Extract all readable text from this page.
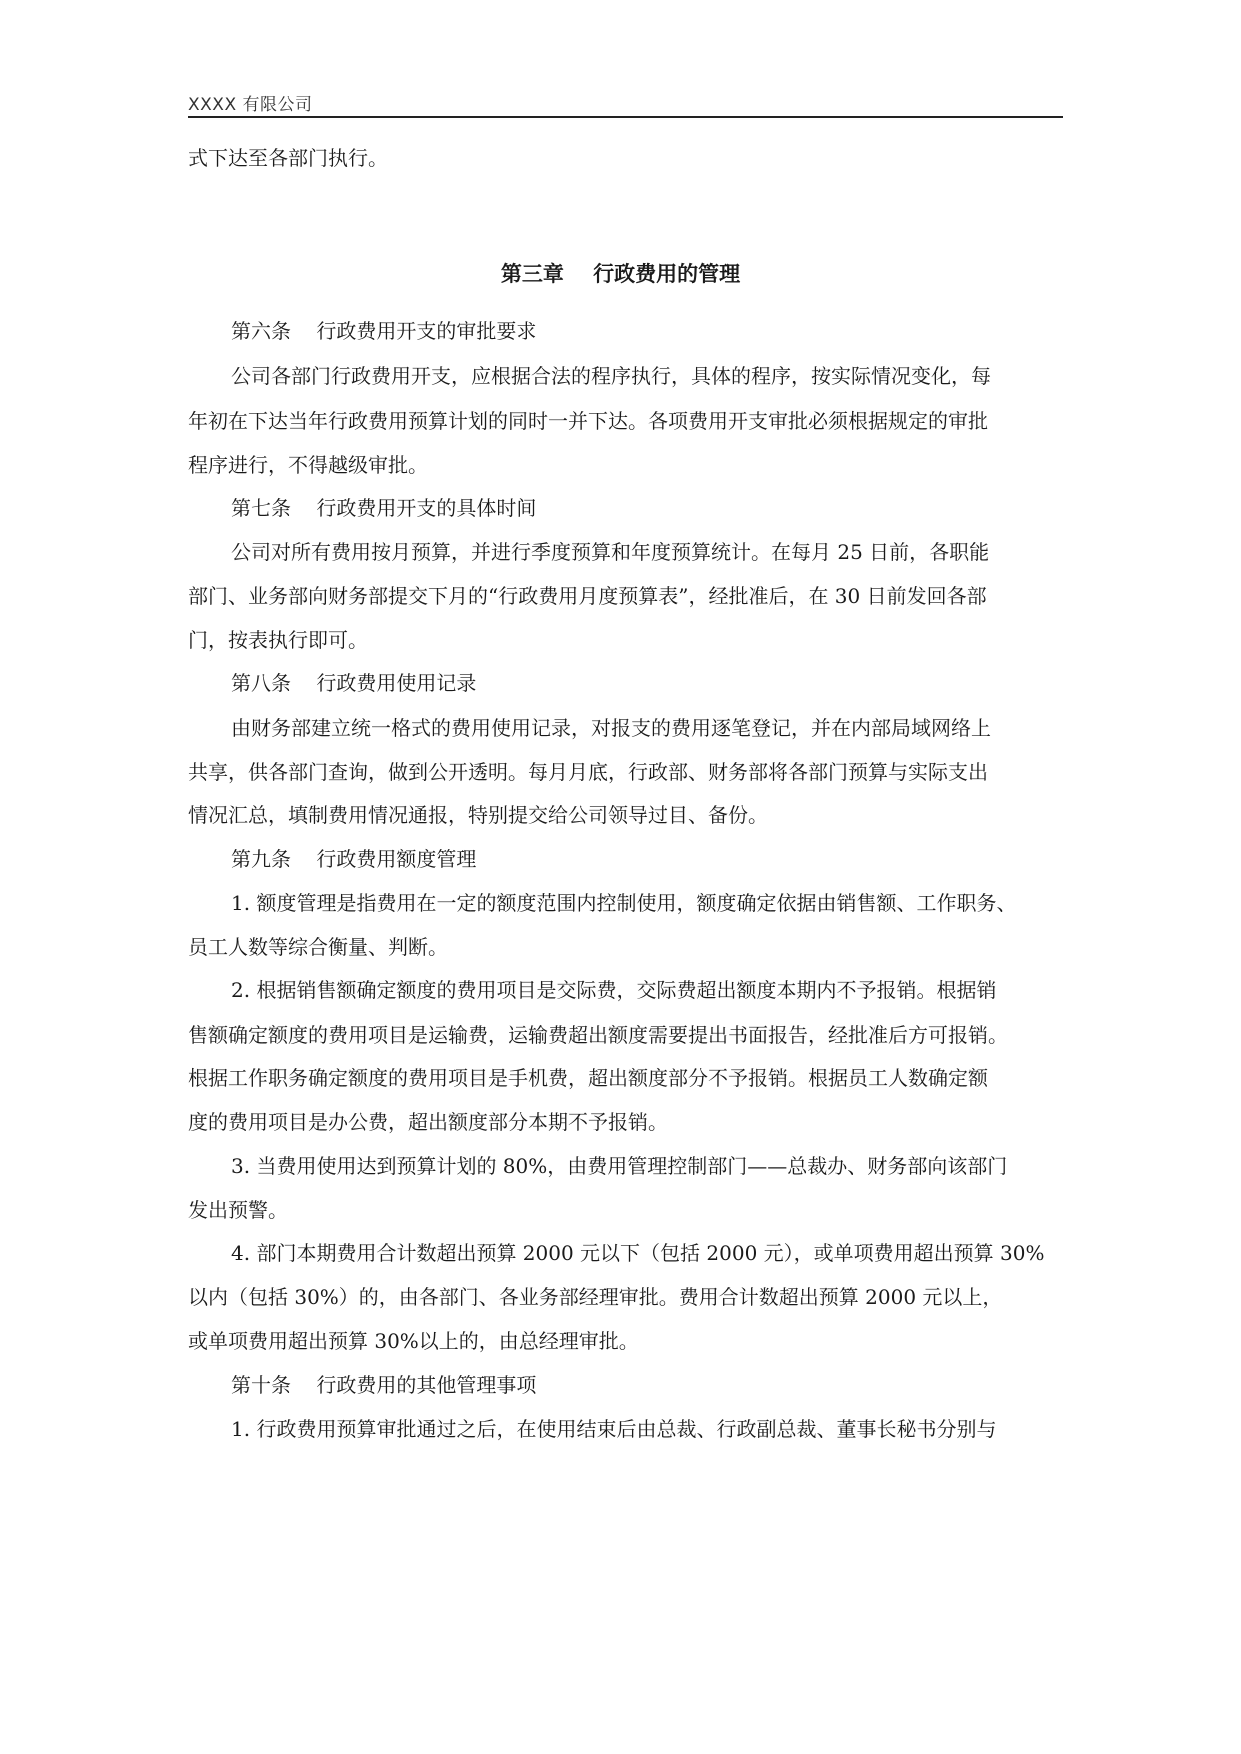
XXXX 有限公司
式下达至各部门执行。
第三章    行政费用的管理
第六条    行政费用开支的审批要求
公司各部门行政费用开支，应根据合法的程序执行，具体的程序，按实际情况变化，每
年初在下达当年行政费用预算计划的同时一并下达。各项费用开支审批必须根据规定的审批
程序进行，不得越级审批。
第七条    行政费用开支的具体时间
公司对所有费用按月预算，并进行季度预算和年度预算统计。在每月 25 日前，各职能
部门、业务部向财务部提交下月的“行政费用月度预算表”，经批准后，在 30 日前发回各部
门，按表执行即可。
第八条    行政费用使用记录
由财务部建立统一格式的费用使用记录，对报支的费用逐笔登记，并在内部局域网络上
共享，供各部门查询，做到公开透明。每月月底，行政部、财务部将各部门预算与实际支出
情况汇总，填制费用情况通报，特别提交给公司领导过目、备份。
第九条    行政费用额度管理
1. 额度管理是指费用在一定的额度范围内控制使用，额度确定依据由销售额、工作职务、
员工人数等综合衡量、判断。
2. 根据销售额确定额度的费用项目是交际费，交际费超出额度本期内不予报销。根据销
售额确定额度的费用项目是运输费，运输费超出额度需要提出书面报告，经批准后方可报销。
根据工作职务确定额度的费用项目是手机费，超出额度部分不予报销。根据员工人数确定额
度的费用项目是办公费，超出额度部分本期不予报销。
3. 当费用使用达到预算计划的 80%，由费用管理控制部门——总裁办、财务部向该部门
发出预警。
4. 部门本期费用合计数超出预算 2000 元以下（包括 2000 元），或单项费用超出预算 30%
以内（包括 30%）的，由各部门、各业务部经理审批。费用合计数超出预算 2000 元以上，
或单项费用超出预算 30%以上的，由总经理审批。
第十条    行政费用的其他管理事项
1. 行政费用预算审批通过之后，在使用结束后由总裁、行政副总裁、董事长秘书分别与
